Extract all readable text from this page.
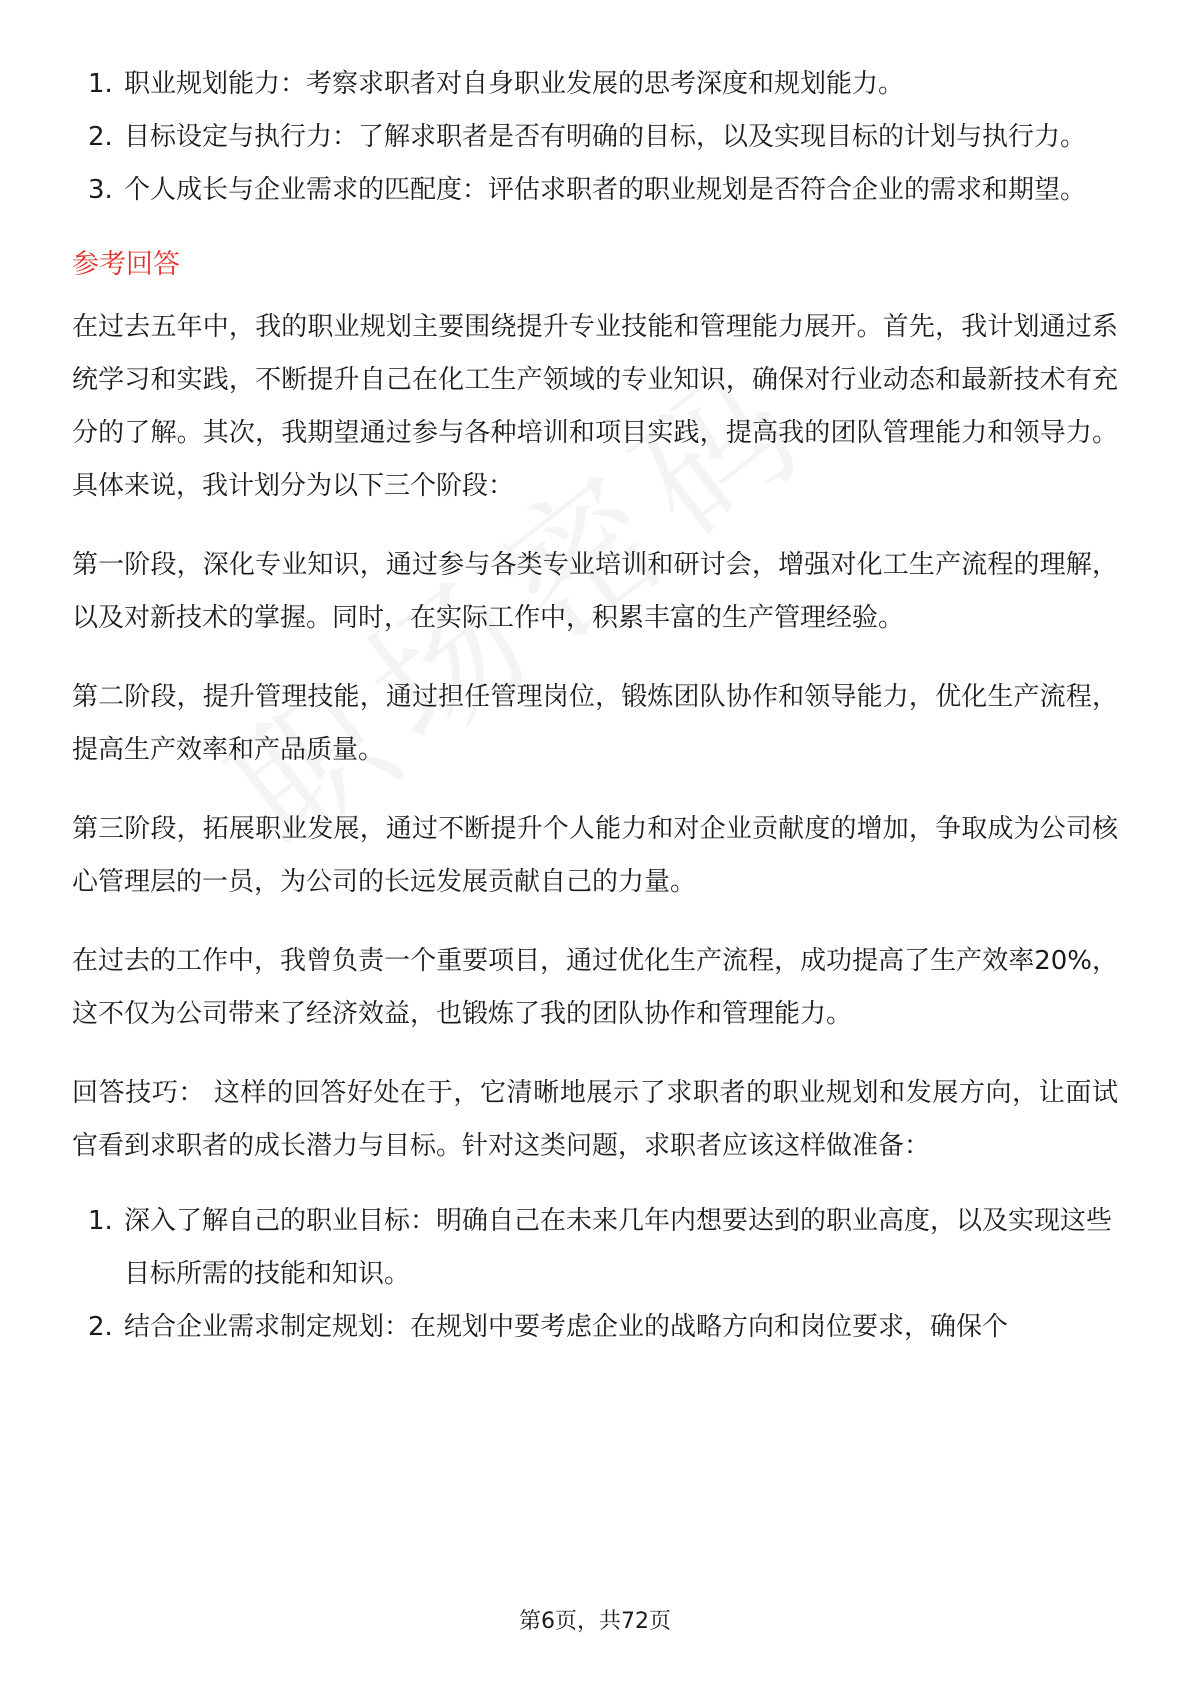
1. 职业规划能力：考察求职者对自身职业发展的思考深度和规划能力。
2. 目标设定与执行力：了解求职者是否有明确的目标，以及实现目标的计划与执行力。
3. 个人成长与企业需求的匹配度：评估求职者的职业规划是否符合企业的需求和期望。
参考回答

在过去五年中，我的职业规划主要围绕提升专业技能和管理能力展开。首先，我计划通过系统学习和实践，不断提升自己在化工生产领域的专业知识，确保对行业动态和最新技术有充分的了解。其次，我期望通过参与各种培训和项目实践，提高我的团队管理能力和领导力。具体来说，我计划分为以下三个阶段：

第一阶段，深化专业知识，通过参与各类专业培训和研讨会，增强对化工生产流程的理解，以及对新技术的掌握。同时，在实际工作中，积累丰富的生产管理经验。

第二阶段，提升管理技能，通过担任管理岗位，锻炼团队协作和领导能力，优化生产流程，提高生产效率和产品质量。

第三阶段，拓展职业发展，通过不断提升个人能力和对企业贡献度的增加，争取成为公司核心管理层的一员，为公司的长远发展贡献自己的力量。

在过去的工作中，我曾负责一个重要项目，通过优化生产流程，成功提高了生产效率20%，这不仅为公司带来了经济效益，也锻炼了我的团队协作和管理能力。

回答技巧： 这样的回答好处在于，它清晰地展示了求职者的职业规划和发展方向，让面试官看到求职者的成长潜力与目标。针对这类问题，求职者应该这样做准备：

1. 深入了解自己的职业目标：明确自己在未来几年内想要达到的职业高度，以及实现这些目标所需的技能和知识。
2. 结合企业需求制定规划：在规划中要考虑企业的战略方向和岗位要求，确保个
第6页，共72页
